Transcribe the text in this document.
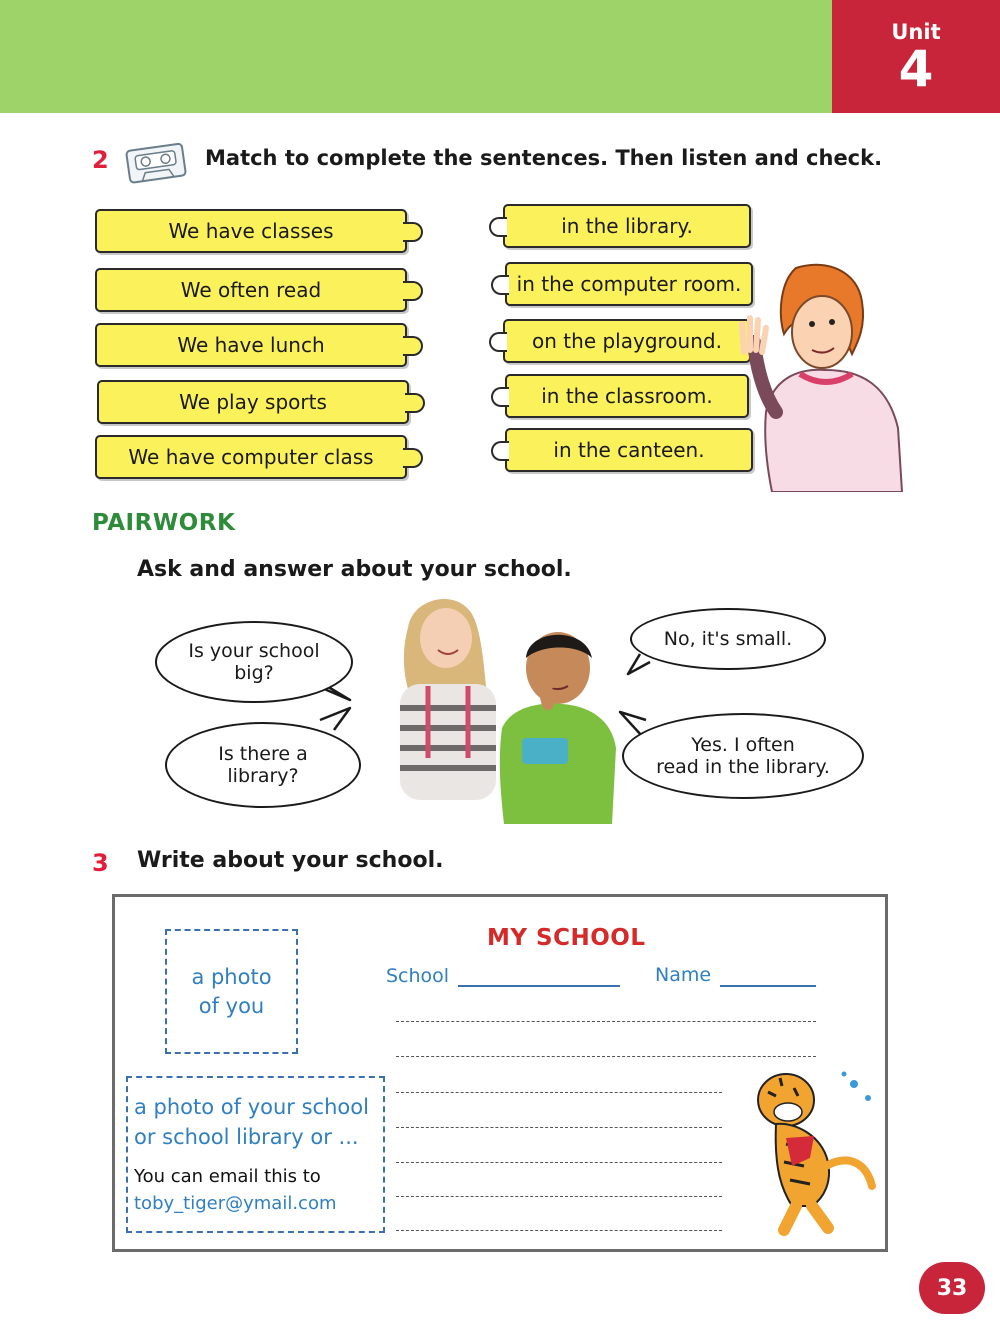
Unit
4
2	Match to complete the sentences. Then listen and check.
We have classes
We often read
We have lunch
We play sports
We have computer class
in the library.
in the computer room.
on the playground.
in the classroom.
in the canteen.
PAIRWORK
Ask and answer about your school.
Is your school
big?
No, it's small.
Is there a
library?
Yes. I often
read in the library.
3 Write about your school.
a photo
of you
a photo of your school
or school library or ...
You can email this to
toby_tiger@ymail.com
MY SCHOOL
School	Name
33
